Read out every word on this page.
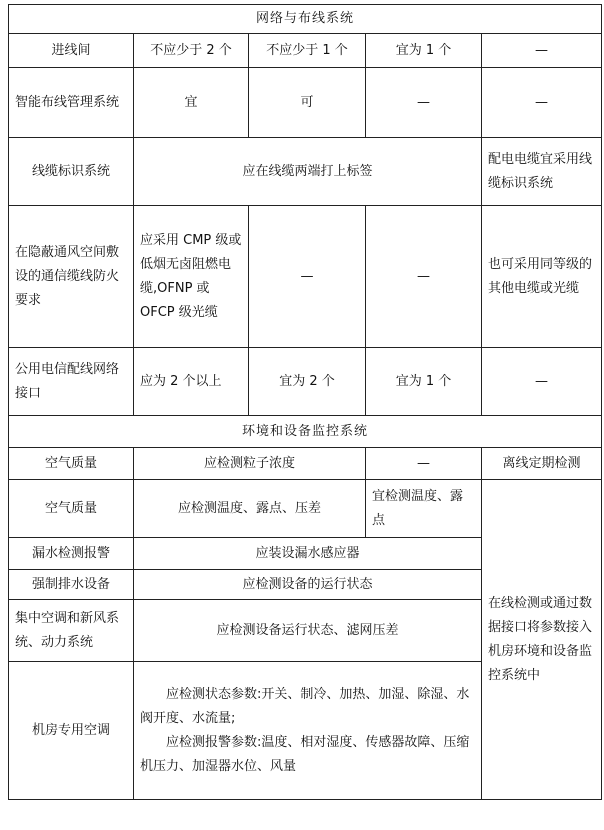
网络与布线系统				
进线间	不应少于 2 个	不应少于 1 个	宜为 1 个	—
智能布线管理系统	宜	可	—	—
线缆标识系统	应在线缆两端打上标签			配电电缆宜采用线缆标识系统
在隐蔽通风空间敷设的通信缆线防火要求	应采用 CMP 级或低烟无卤阻燃电缆,OFNP 或 OFCP 级光缆	—	—	也可采用同等级的其他电缆或光缆
公用电信配线网络接口	应为 2 个以上	宜为 2 个	宜为 1 个	—
环境和设备监控系统				
空气质量	应检测粒子浓度		—	离线定期检测
空气质量	应检测温度、露点、压差		宜检测温度、露点	在线检测或通过数据接口将参数接入机房环境和设备监控系统中
漏水检测报警	应装设漏水感应器			
强制排水设备	应检测设备的运行状态			
集中空调和新风系统、动力系统	应检测设备运行状态、滤网压差			
机房专用空调	应检测状态参数:开关、制冷、加热、加湿、除湿、水阀开度、水流量;
应检测报警参数:温度、相对湿度、传感器故障、压缩机压力、加湿器水位、风量			
